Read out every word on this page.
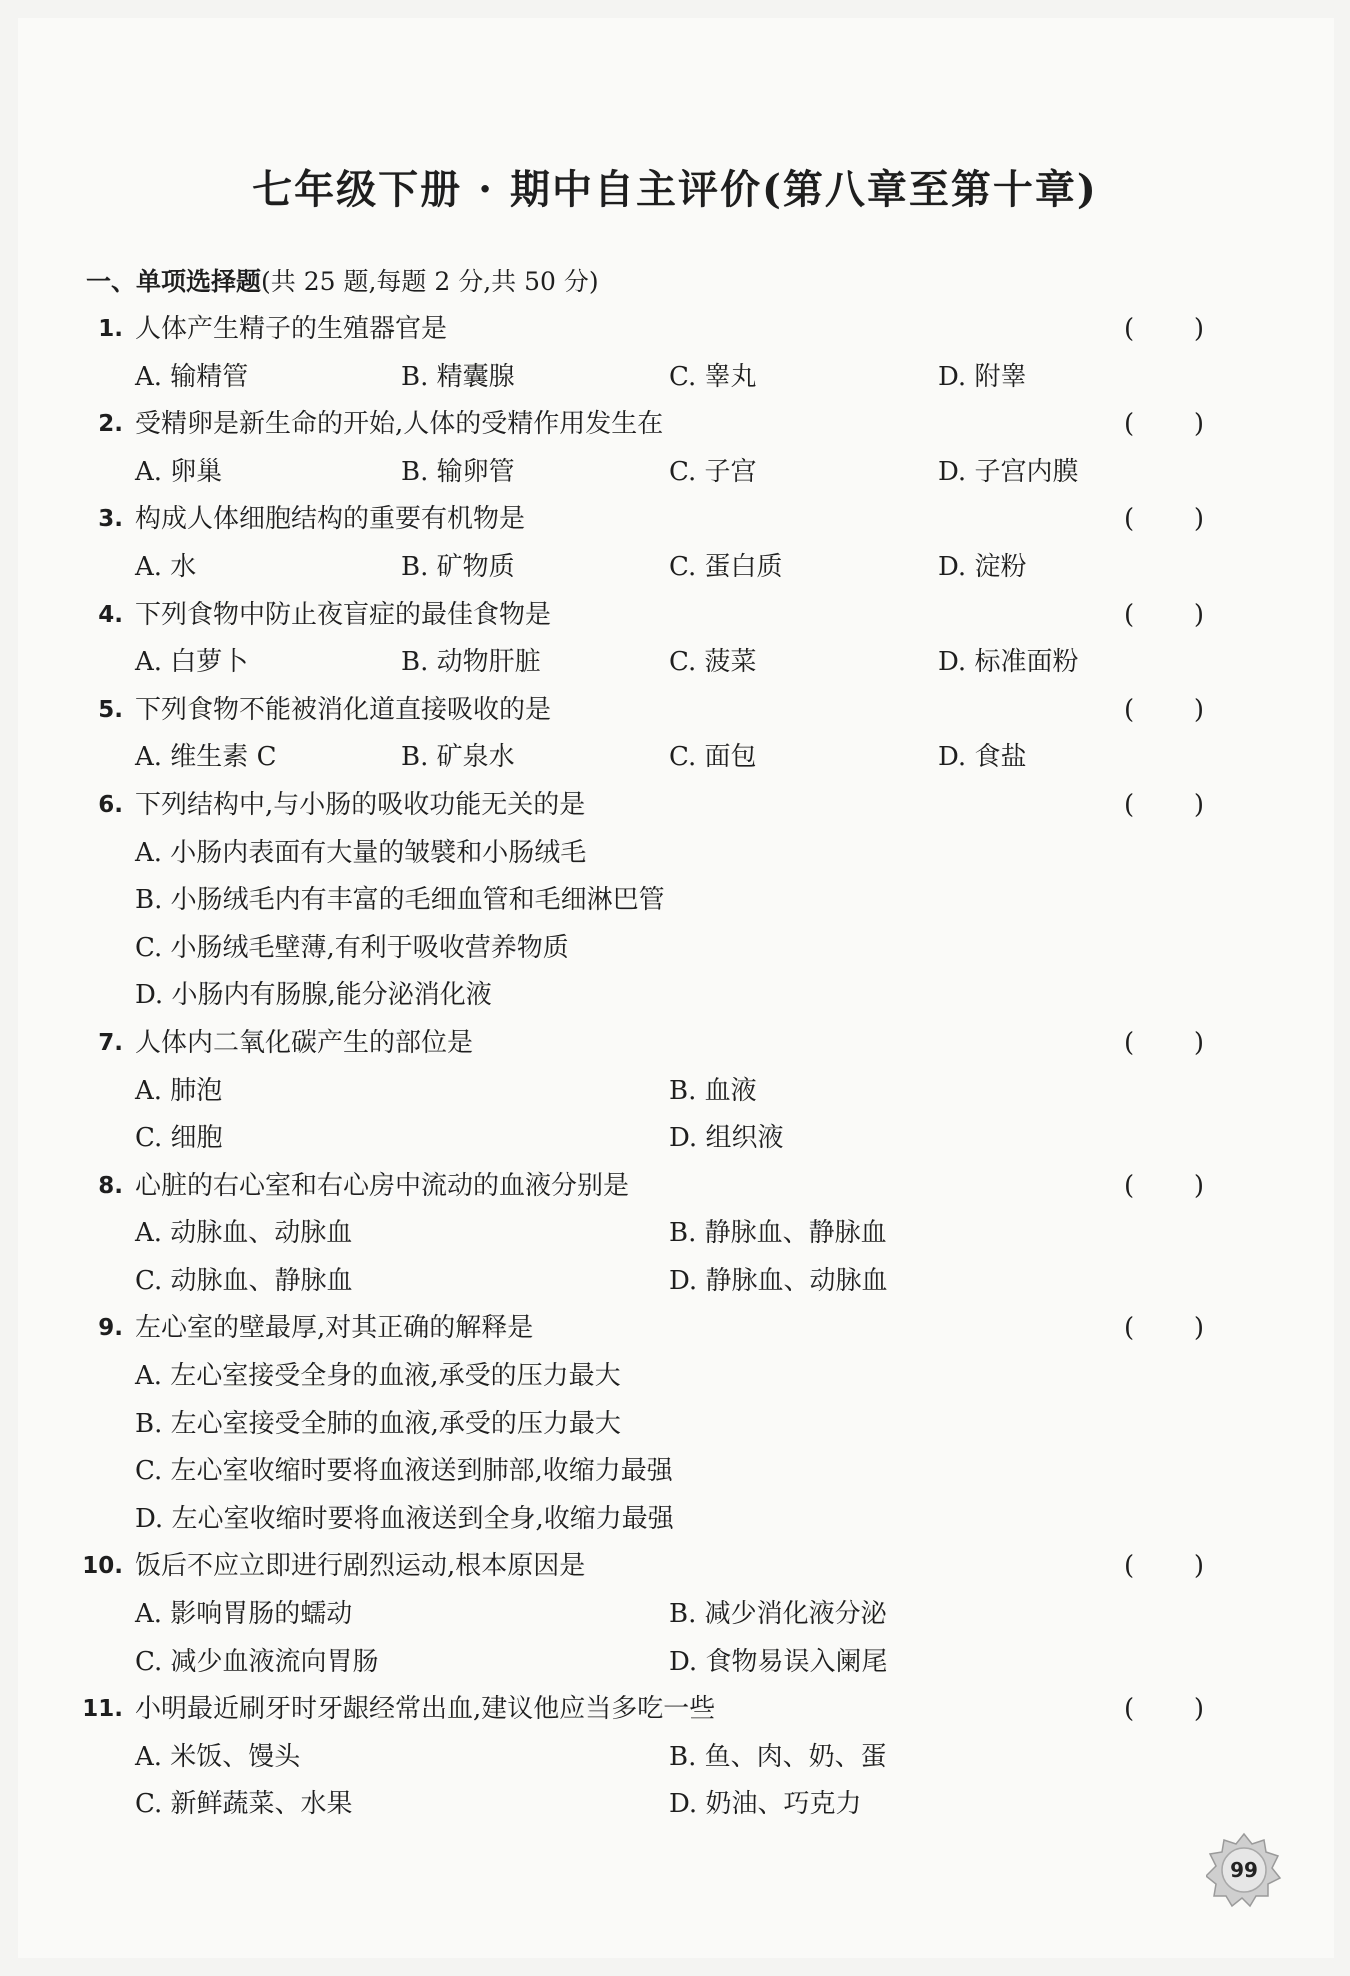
七年级下册 · 期中自主评价(第八章至第十章)
一、单项选择题(共 25 题,每题 2 分,共 50 分)
1. 人体产生精子的生殖器官是	( )
A. 输精管	B. 精囊腺	C. 睾丸	D. 附睾
2. 受精卵是新生命的开始,人体的受精作用发生在	( )
A. 卵巢	B. 输卵管	C. 子宫	D. 子宫内膜
3. 构成人体细胞结构的重要有机物是	( )
A. 水	B. 矿物质	C. 蛋白质	D. 淀粉
4. 下列食物中防止夜盲症的最佳食物是	( )
A. 白萝卜	B. 动物肝脏	C. 菠菜	D. 标准面粉
5. 下列食物不能被消化道直接吸收的是	( )
A. 维生素 C	B. 矿泉水	C. 面包	D. 食盐
6. 下列结构中,与小肠的吸收功能无关的是	( )
A. 小肠内表面有大量的皱襞和小肠绒毛
B. 小肠绒毛内有丰富的毛细血管和毛细淋巴管
C. 小肠绒毛壁薄,有利于吸收营养物质
D. 小肠内有肠腺,能分泌消化液
7. 人体内二氧化碳产生的部位是	( )
A. 肺泡	B. 血液
C. 细胞	D. 组织液
8. 心脏的右心室和右心房中流动的血液分别是	( )
A. 动脉血、动脉血	B. 静脉血、静脉血
C. 动脉血、静脉血	D. 静脉血、动脉血
9. 左心室的壁最厚,对其正确的解释是	( )
A. 左心室接受全身的血液,承受的压力最大
B. 左心室接受全肺的血液,承受的压力最大
C. 左心室收缩时要将血液送到肺部,收缩力最强
D. 左心室收缩时要将血液送到全身,收缩力最强
10. 饭后不应立即进行剧烈运动,根本原因是	( )
A. 影响胃肠的蠕动	B. 减少消化液分泌
C. 减少血液流向胃肠	D. 食物易误入阑尾
11. 小明最近刷牙时牙龈经常出血,建议他应当多吃一些	( )
A. 米饭、馒头	B. 鱼、肉、奶、蛋
C. 新鲜蔬菜、水果	D. 奶油、巧克力
99
